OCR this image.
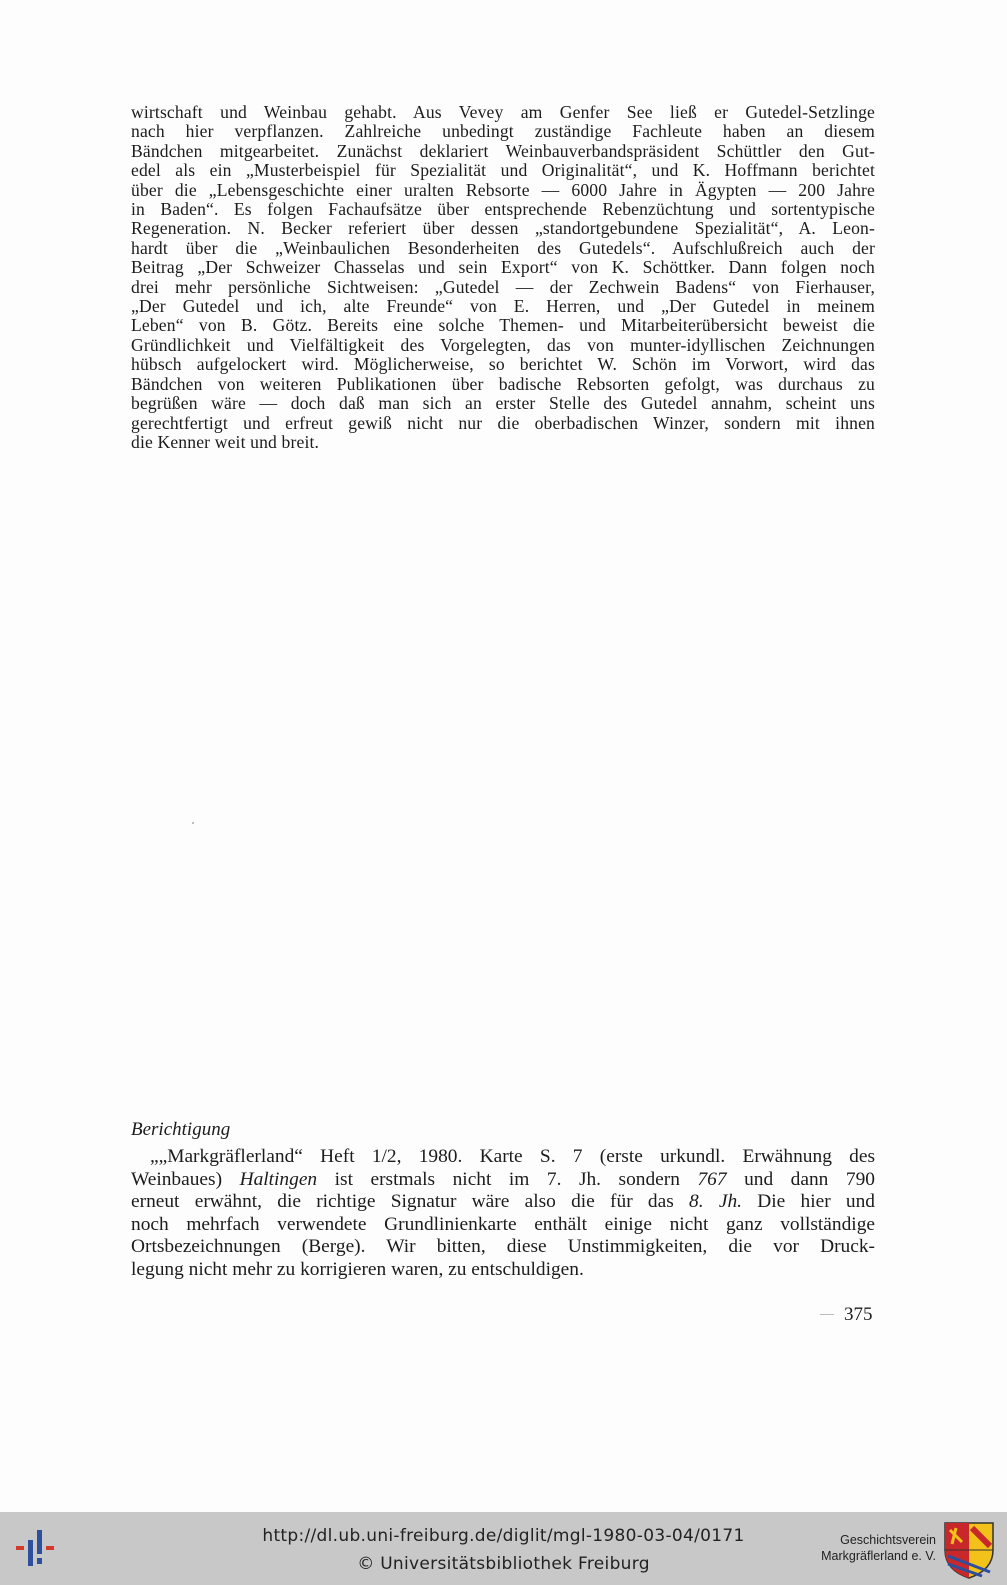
wirtschaft und Weinbau gehabt. Aus Vevey am Genfer See ließ er Gutedel-Setzlinge
nach hier verpflanzen. Zahlreiche unbedingt zuständige Fachleute haben an diesem
Bändchen mitgearbeitet. Zunächst deklariert Weinbauverbandspräsident Schüttler den Gut-
edel als ein „Musterbeispiel für Spezialität und Originalität“, und K. Hoffmann berichtet
über die „Lebensgeschichte einer uralten Rebsorte — 6000 Jahre in Ägypten — 200 Jahre
in Baden“. Es folgen Fachaufsätze über entsprechende Rebenzüchtung und sortentypische
Regeneration. N. Becker referiert über dessen „standortgebundene Spezialität“, A. Leon-
hardt über die „Weinbaulichen Besonderheiten des Gutedels“. Aufschlußreich auch der
Beitrag „Der Schweizer Chasselas und sein Export“ von K. Schöttker. Dann folgen noch
drei mehr persönliche Sichtweisen: „Gutedel — der Zechwein Badens“ von Fierhauser,
„Der Gutedel und ich, alte Freunde“ von E. Herren, und „Der Gutedel in meinem
Leben“ von B. Götz. Bereits eine solche Themen- und Mitarbeiterübersicht beweist die
Gründlichkeit und Vielfältigkeit des Vorgelegten, das von munter-idyllischen Zeichnungen
hübsch aufgelockert wird. Möglicherweise, so berichtet W. Schön im Vorwort, wird das
Bändchen von weiteren Publikationen über badische Rebsorten gefolgt, was durchaus zu
begrüßen wäre — doch daß man sich an erster Stelle des Gutedel annahm, scheint uns
gerechtfertigt und erfreut gewiß nicht nur die oberbadischen Winzer, sondern mit ihnen
die Kenner weit und breit.
Berichtigung
„„Markgräflerland“ Heft 1/2, 1980. Karte S. 7 (erste urkundl. Erwähnung des
Weinbaues) Haltingen ist erstmals nicht im 7. Jh. sondern 767 und dann 790
erneut erwähnt, die richtige Signatur wäre also die für das 8. Jh. Die hier und
noch mehrfach verwendete Grundlinienkarte enthält einige nicht ganz vollständige
Ortsbezeichnungen (Berge). Wir bitten, diese Unstimmigkeiten, die vor Druck-
legung nicht mehr zu korrigieren waren, zu entschuldigen.
375
http://dl.ub.uni-freiburg.de/diglit/mgl-1980-03-04/0171
© Universitätsbibliothek Freiburg
Geschichtsverein
Markgräflerland e. V.
